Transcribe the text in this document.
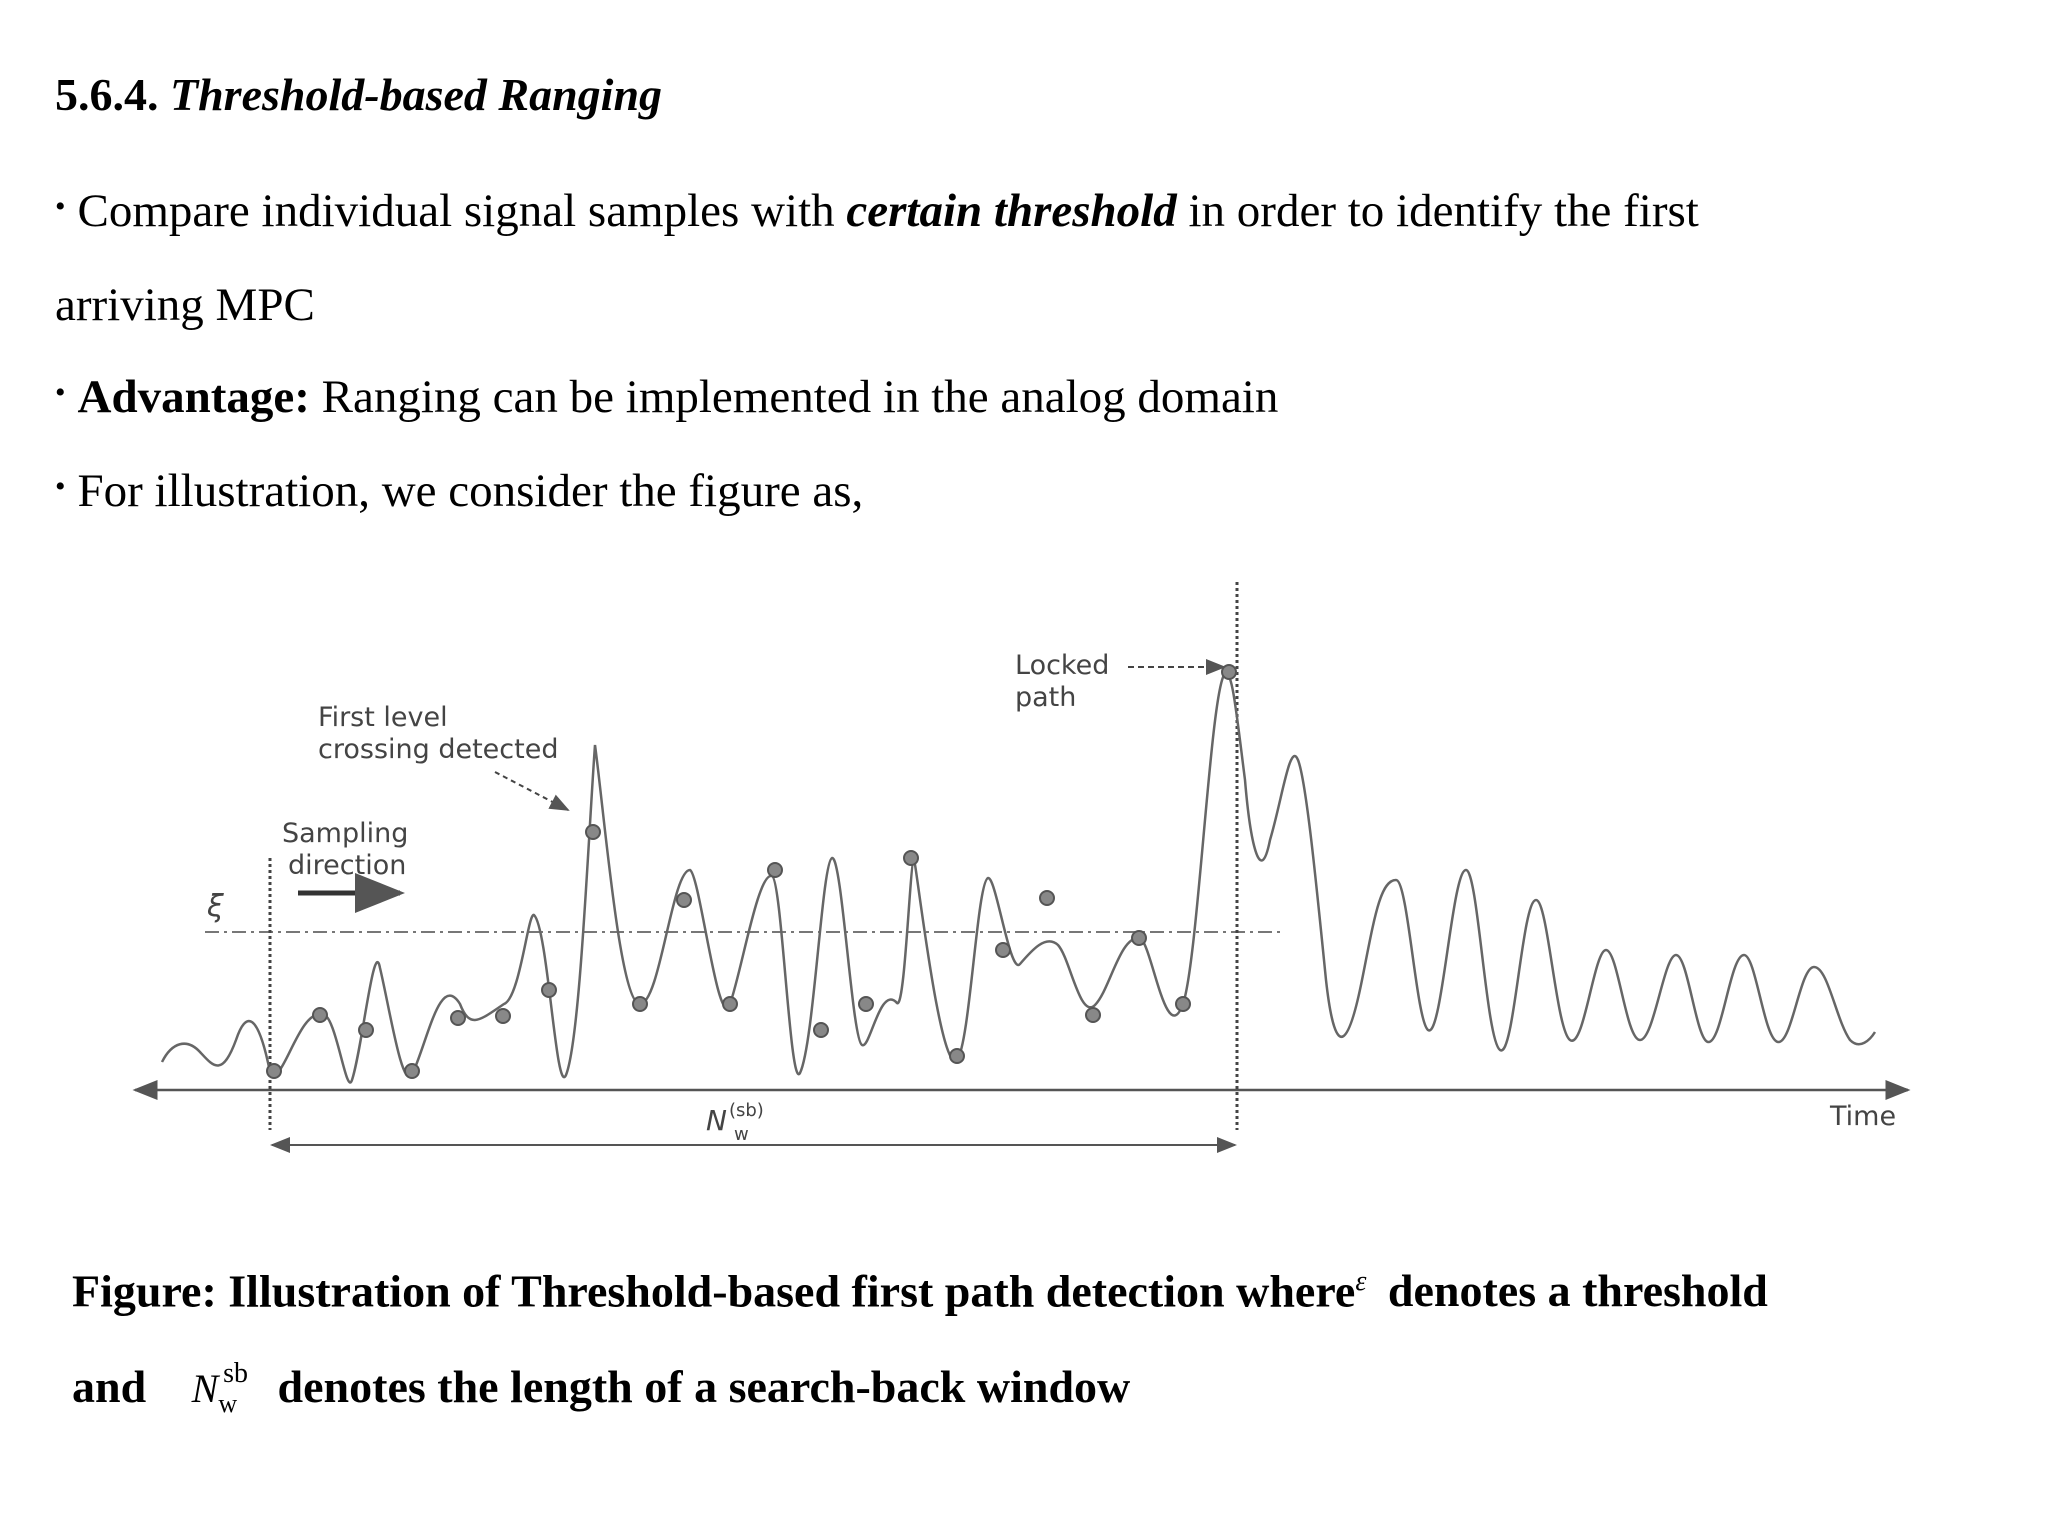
5.6.4. Threshold-based Ranging
• Compare individual signal samples with certain threshold in order to identify the first
arriving MPC
• Advantage: Ranging can be implemented in the analog domain
• For illustration, we consider the figure as,
ξ
Sampling
direction
First level
crossing detected
Locked
path
N $^{(sb)}$ w
Time
Figure: Illustration of Threshold-based first path detection where$^\varepsilon$ denotes a threshold
and $N_w^{sb}$ denotes the length of a search-back window
